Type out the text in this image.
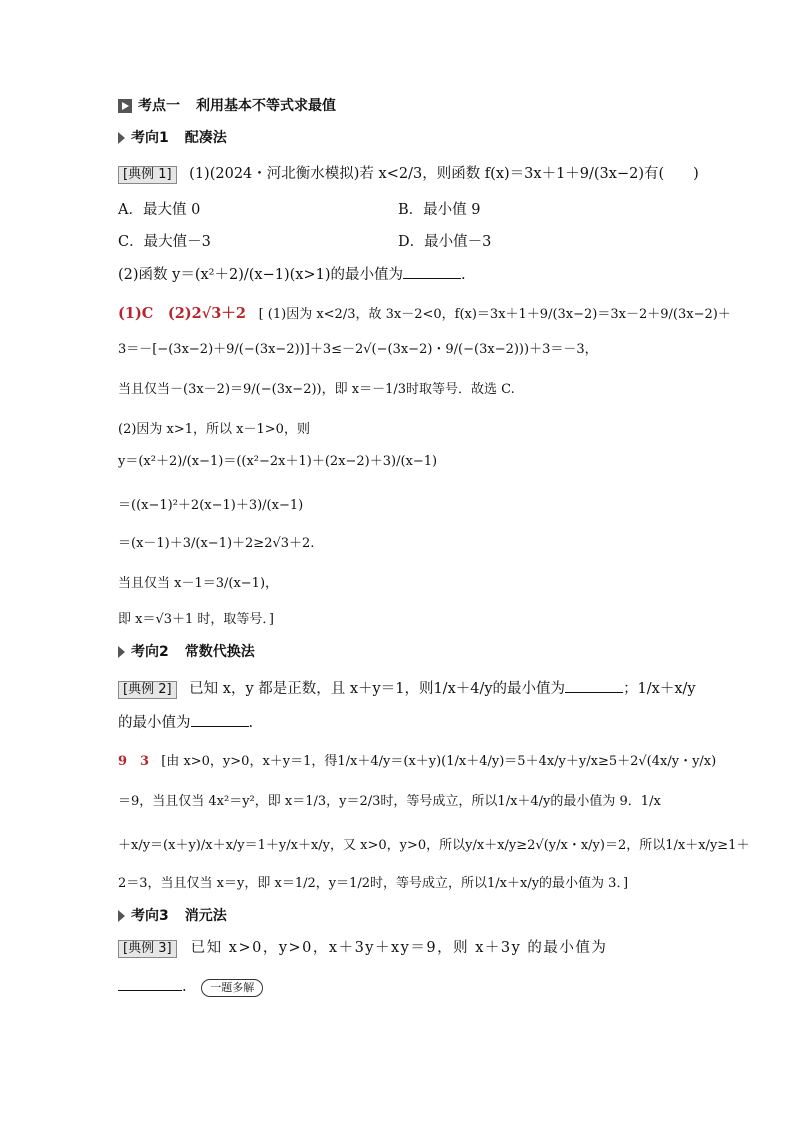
考点一 利用基本不等式求最值
考向1 配凑法
[典例 1] (1)(2024・河北衡水模拟)若 x<2/3，则函数 f(x)＝3x＋1＋9/(3x−2)有(　　)
A．最大值 0	B．最小值 9
C．最大值－3	D．最小值－3
(2)函数 y＝(x²＋2)/(x−1)(x>1)的最小值为	.
(1)C　(2)2√3＋2 [ (1)因为 x<2/3，故 3x－2<0，f(x)＝3x＋1＋9/(3x−2)＝3x－2＋9/(3x−2)＋
3＝－[−(3x−2)＋9/(−(3x−2))]＋3≤－2√(−(3x−2)・9/(−(3x−2)))＋3＝－3，
当且仅当－(3x－2)＝9/(−(3x−2))，即 x＝－1/3时取等号．故选 C.
(2)因为 x>1，所以 x－1>0，则
y＝(x²＋2)/(x−1)＝((x²−2x＋1)＋(2x−2)＋3)/(x−1)
＝((x−1)²＋2(x−1)＋3)/(x−1)
＝(x－1)＋3/(x−1)＋2≥2√3＋2.
当且仅当 x－1＝3/(x−1)，
即 x＝√3＋1 时，取等号．]
考向2 常数代换法
[典例 2] 已知 x，y 都是正数，且 x＋y＝1，则1/x＋4/y的最小值为	；1/x＋x/y
的最小值为	.
9　3 [由 x>0，y>0，x＋y＝1，得1/x＋4/y＝(x＋y)(1/x＋4/y)＝5＋4x/y＋y/x≥5＋2√(4x/y・y/x)
＝9，当且仅当 4x²＝y²，即 x＝1/3，y＝2/3时，等号成立，所以1/x＋4/y的最小值为 9．1/x
＋x/y＝(x＋y)/x＋x/y＝1＋y/x＋x/y，又 x>0，y>0，所以y/x＋x/y≥2√(y/x・x/y)＝2，所以1/x＋x/y≥1＋
2＝3，当且仅当 x＝y，即 x＝1/2，y＝1/2时，等号成立，所以1/x＋x/y的最小值为 3．]
考向3 消元法
[典例 3] 已知 x>0，y>0，x＋3y＋xy＝9，则 x＋3y 的最小值为
. 一题多解
